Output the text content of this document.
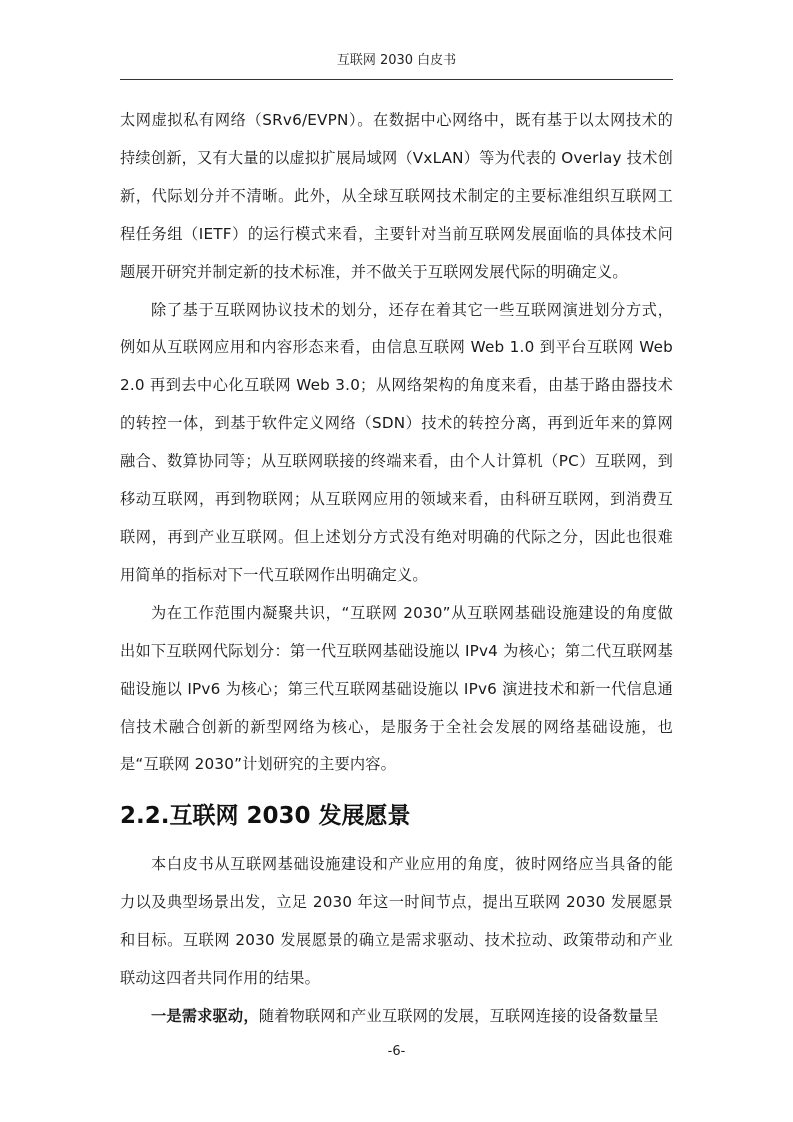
互联网 2030 白皮书

太网虚拟私有网络（SRv6/EVPN）。在数据中心网络中，既有基于以太网技术的持续创新，又有大量的以虚拟扩展局域网（VxLAN）等为代表的 Overlay 技术创新，代际划分并不清晰。此外，从全球互联网技术制定的主要标准组织互联网工程任务组（IETF）的运行模式来看，主要针对当前互联网发展面临的具体技术问题展开研究并制定新的技术标准，并不做关于互联网发展代际的明确定义。

除了基于互联网协议技术的划分，还存在着其它一些互联网演进划分方式，例如从互联网应用和内容形态来看，由信息互联网 Web 1.0 到平台互联网 Web 2.0 再到去中心化互联网 Web 3.0；从网络架构的角度来看，由基于路由器技术的转控一体，到基于软件定义网络（SDN）技术的转控分离，再到近年来的算网融合、数算协同等；从互联网联接的终端来看，由个人计算机（PC）互联网，到移动互联网，再到物联网；从互联网应用的领域来看，由科研互联网，到消费互联网，再到产业互联网。但上述划分方式没有绝对明确的代际之分，因此也很难用简单的指标对下一代互联网作出明确定义。

为在工作范围内凝聚共识，“互联网 2030”从互联网基础设施建设的角度做出如下互联网代际划分：第一代互联网基础设施以 IPv4 为核心；第二代互联网基础设施以 IPv6 为核心；第三代互联网基础设施以 IPv6 演进技术和新一代信息通信技术融合创新的新型网络为核心，是服务于全社会发展的网络基础设施，也是“互联网 2030”计划研究的主要内容。

2.2.互联网 2030 发展愿景

本白皮书从互联网基础设施建设和产业应用的角度，彼时网络应当具备的能力以及典型场景出发，立足 2030 年这一时间节点，提出互联网 2030 发展愿景和目标。互联网 2030 发展愿景的确立是需求驱动、技术拉动、政策带动和产业联动这四者共同作用的结果。

一是需求驱动，随着物联网和产业互联网的发展，互联网连接的设备数量呈

-6-
